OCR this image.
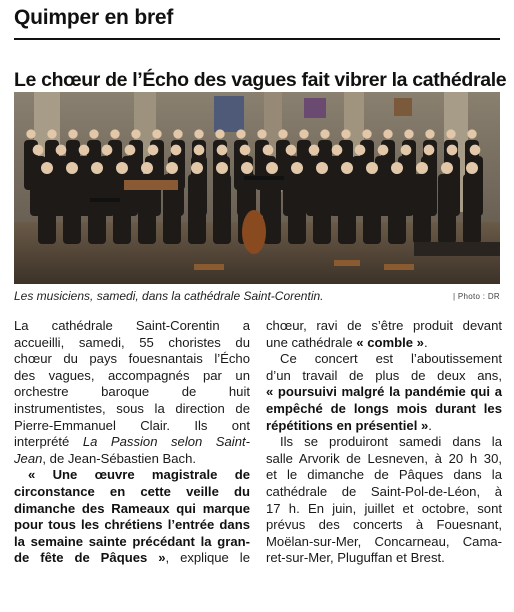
Quimper en bref
Le chœur de l’Écho des vagues fait vibrer la cathédrale
Les musiciens, samedi, dans la cathédrale Saint-Corentin.	| Photo : DR

La cathédrale Saint-Corentin a
accueilli, samedi, 55 choristes du
chœur du pays fouesnantais l’Écho
des vagues, accompagnés par un
orchestre baroque de huit
instrumentistes, sous la direction de
Pierre-Emmanuel Clair. Ils ont
interprété La Passion selon Saint-
Jean, de Jean-Sébastien Bach.

« Une œuvre magistrale de
circonstance en cette veille du
dimanche des Rameaux qui marque
pour tous les chrétiens l’entrée dans
la semaine sainte précédant la gran-
de fête de Pâques », explique le

chœur, ravi de s’être produit devant
une cathédrale « comble ».

Ce concert est l’aboutissement
d’un travail de plus de deux ans,
« poursuivi malgré la pandémie qui a
empêché de longs mois durant les
répétitions en présentiel ».

Ils se produiront samedi dans la
salle Arvorik de Lesneven, à 20 h 30,
et le dimanche de Pâques dans la
cathédrale de Saint-Pol-de-Léon, à
17 h. En juin, juillet et octobre, sont
prévus des concerts à Fouesnant,
Moëlan-sur-Mer, Concarneau, Cama-
ret-sur-Mer, Pluguffan et Brest.
